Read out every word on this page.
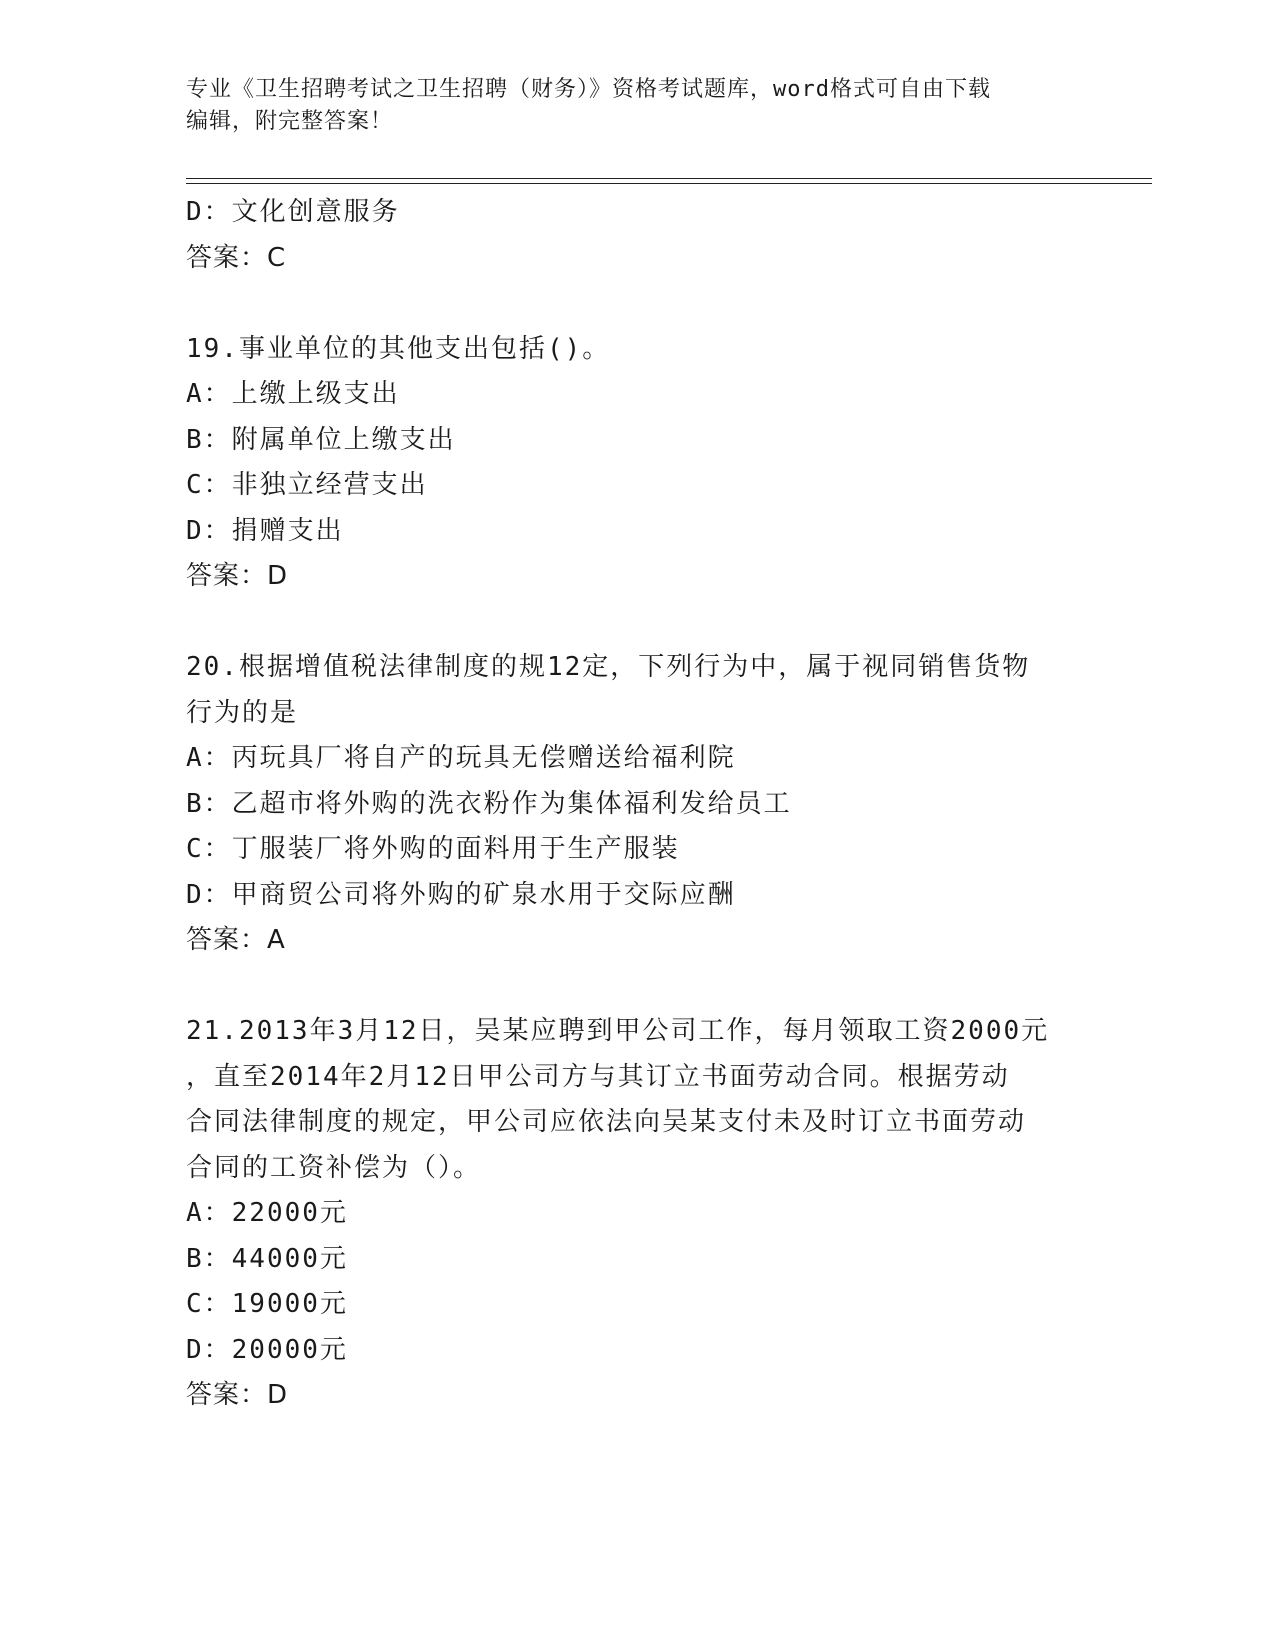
专业《卫生招聘考试之卫生招聘（财务）》资格考试题库，word格式可自由下载
编辑，附完整答案！
D：文化创意服务
答案：C
19.事业单位的其他支出包括()。
A：上缴上级支出
B：附属单位上缴支出
C：非独立经营支出
D：捐赠支出
答案：D
20.根据增值税法律制度的规12定，下列行为中，属于视同销售货物
行为的是
A：丙玩具厂将自产的玩具无偿赠送给福利院
B：乙超市将外购的洗衣粉作为集体福利发给员工
C：丁服装厂将外购的面料用于生产服装
D：甲商贸公司将外购的矿泉水用于交际应酬
答案：A
21.2013年3月12日，吴某应聘到甲公司工作，每月领取工资2000元
，直至2014年2月12日甲公司方与其订立书面劳动合同。根据劳动
合同法律制度的规定，甲公司应依法向吴某支付未及时订立书面劳动
合同的工资补偿为（）。
A：22000元
B：44000元
C：19000元
D：20000元
答案：D
